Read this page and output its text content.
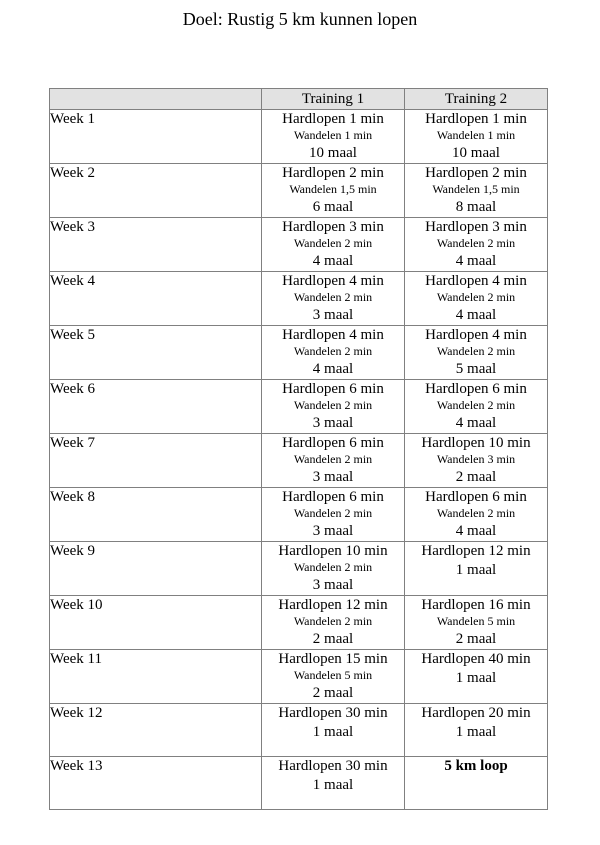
Doel: Rustig 5 km kunnen lopen
	Training 1	Training 2
Week 1	Hardlopen 1 min
Wandelen 1 min
10 maal	Hardlopen 1 min
Wandelen 1 min
10 maal

Week 2	Hardlopen 2 min
Wandelen 1,5 min
6 maal	Hardlopen 2 min
Wandelen 1,5 min
8 maal

Week 3	Hardlopen 3 min
Wandelen 2 min
4 maal	Hardlopen 3 min
Wandelen 2 min
4 maal

Week 4	Hardlopen 4 min
Wandelen 2 min
3 maal	Hardlopen 4 min
Wandelen 2 min
4 maal

Week 5	Hardlopen 4 min
Wandelen 2 min
4 maal	Hardlopen 4 min
Wandelen 2 min
5 maal

Week 6	Hardlopen 6 min
Wandelen 2 min
3 maal	Hardlopen 6 min
Wandelen 2 min
4 maal

Week 7	Hardlopen 6 min
Wandelen 2 min
3 maal	Hardlopen 10 min
Wandelen 3 min
2 maal

Week 8	Hardlopen 6 min
Wandelen 2 min
3 maal	Hardlopen 6 min
Wandelen 2 min
4 maal

Week 9	Hardlopen 10 min
Wandelen 2 min
3 maal	Hardlopen 12 min
1 maal

Week 10	Hardlopen 12 min
Wandelen 2 min
2 maal	Hardlopen 16 min
Wandelen 5 min
2 maal

Week 11	Hardlopen 15 min
Wandelen 5 min
2 maal	Hardlopen 40 min
1 maal

Week 12	Hardlopen 30 min
1 maal	Hardlopen 20 min
1 maal

Week 13	Hardlopen 30 min
1 maal	5 km loop
